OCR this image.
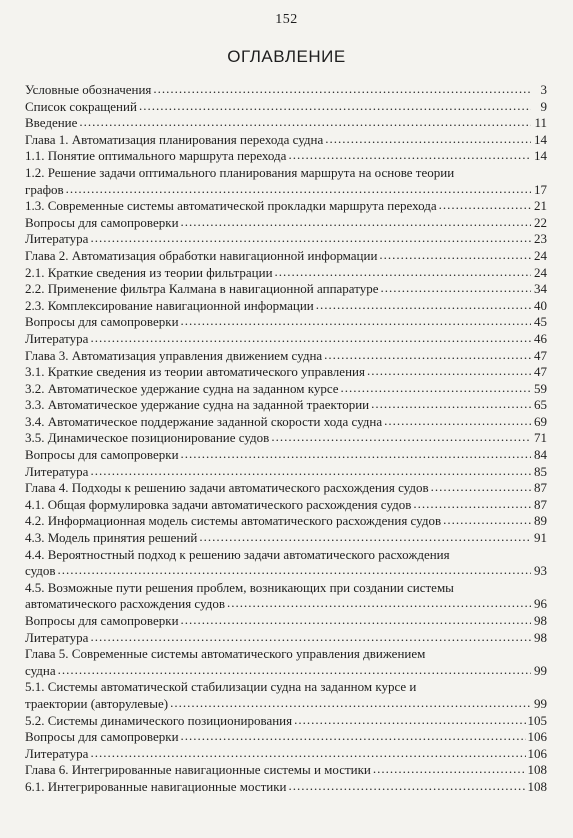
152
ОГЛАВЛЕНИЕ
Условные обозначения .....	3
Список сокращений .....	9
Введение .....	11
Глава 1. Автоматизация планирования перехода судна .....	14
1.1. Понятие оптимального маршрута перехода .....	14
1.2. Решение задачи оптимального планирования маршрута на основе теории
графов .....	17
1.3. Современные системы автоматической прокладки маршрута перехода .....	21
Вопросы для самопроверки .....	22
Литература .....	23
Глава 2. Автоматизация обработки навигационной информации .....	24
2.1. Краткие сведения из теории фильтрации .....	24
2.2. Применение фильтра Калмана в навигационной аппаратуре .....	34
2.3. Комплексирование навигационной информации .....	40
Вопросы для самопроверки .....	45
Литература .....	46
Глава 3. Автоматизация управления движением судна .....	47
3.1. Краткие сведения из теории автоматического управления .....	47
3.2. Автоматическое удержание судна на заданном курсе .....	59
3.3. Автоматическое удержание судна на заданной траектории .....	65
3.4. Автоматическое поддержание заданной скорости хода судна .....	69
3.5. Динамическое позиционирование судов .....	71
Вопросы для самопроверки .....	84
Литература .....	85
Глава 4. Подходы к решению задачи автоматического расхождения судов .....	87
4.1. Общая формулировка задачи автоматического расхождения судов .....	87
4.2. Информационная модель системы автоматического расхождения судов .....	89
4.3. Модель принятия решений .....	91
4.4. Вероятностный подход к решению задачи автоматического расхождения
судов .....	93
4.5. Возможные пути решения проблем, возникающих при создании системы
автоматического расхождения судов .....	96
Вопросы для самопроверки .....	98
Литература .....	98
Глава 5. Современные системы автоматического управления движением
судна .....	99
5.1. Системы автоматической стабилизации судна на заданном курсе и
траектории (авторулевые) .....	99
5.2. Системы динамического позиционирования .....	105
Вопросы для самопроверки .....	106
Литература .....	106
Глава 6. Интегрированные навигационные системы и мостики .....	108
6.1. Интегрированные навигационные мостики .....	108
